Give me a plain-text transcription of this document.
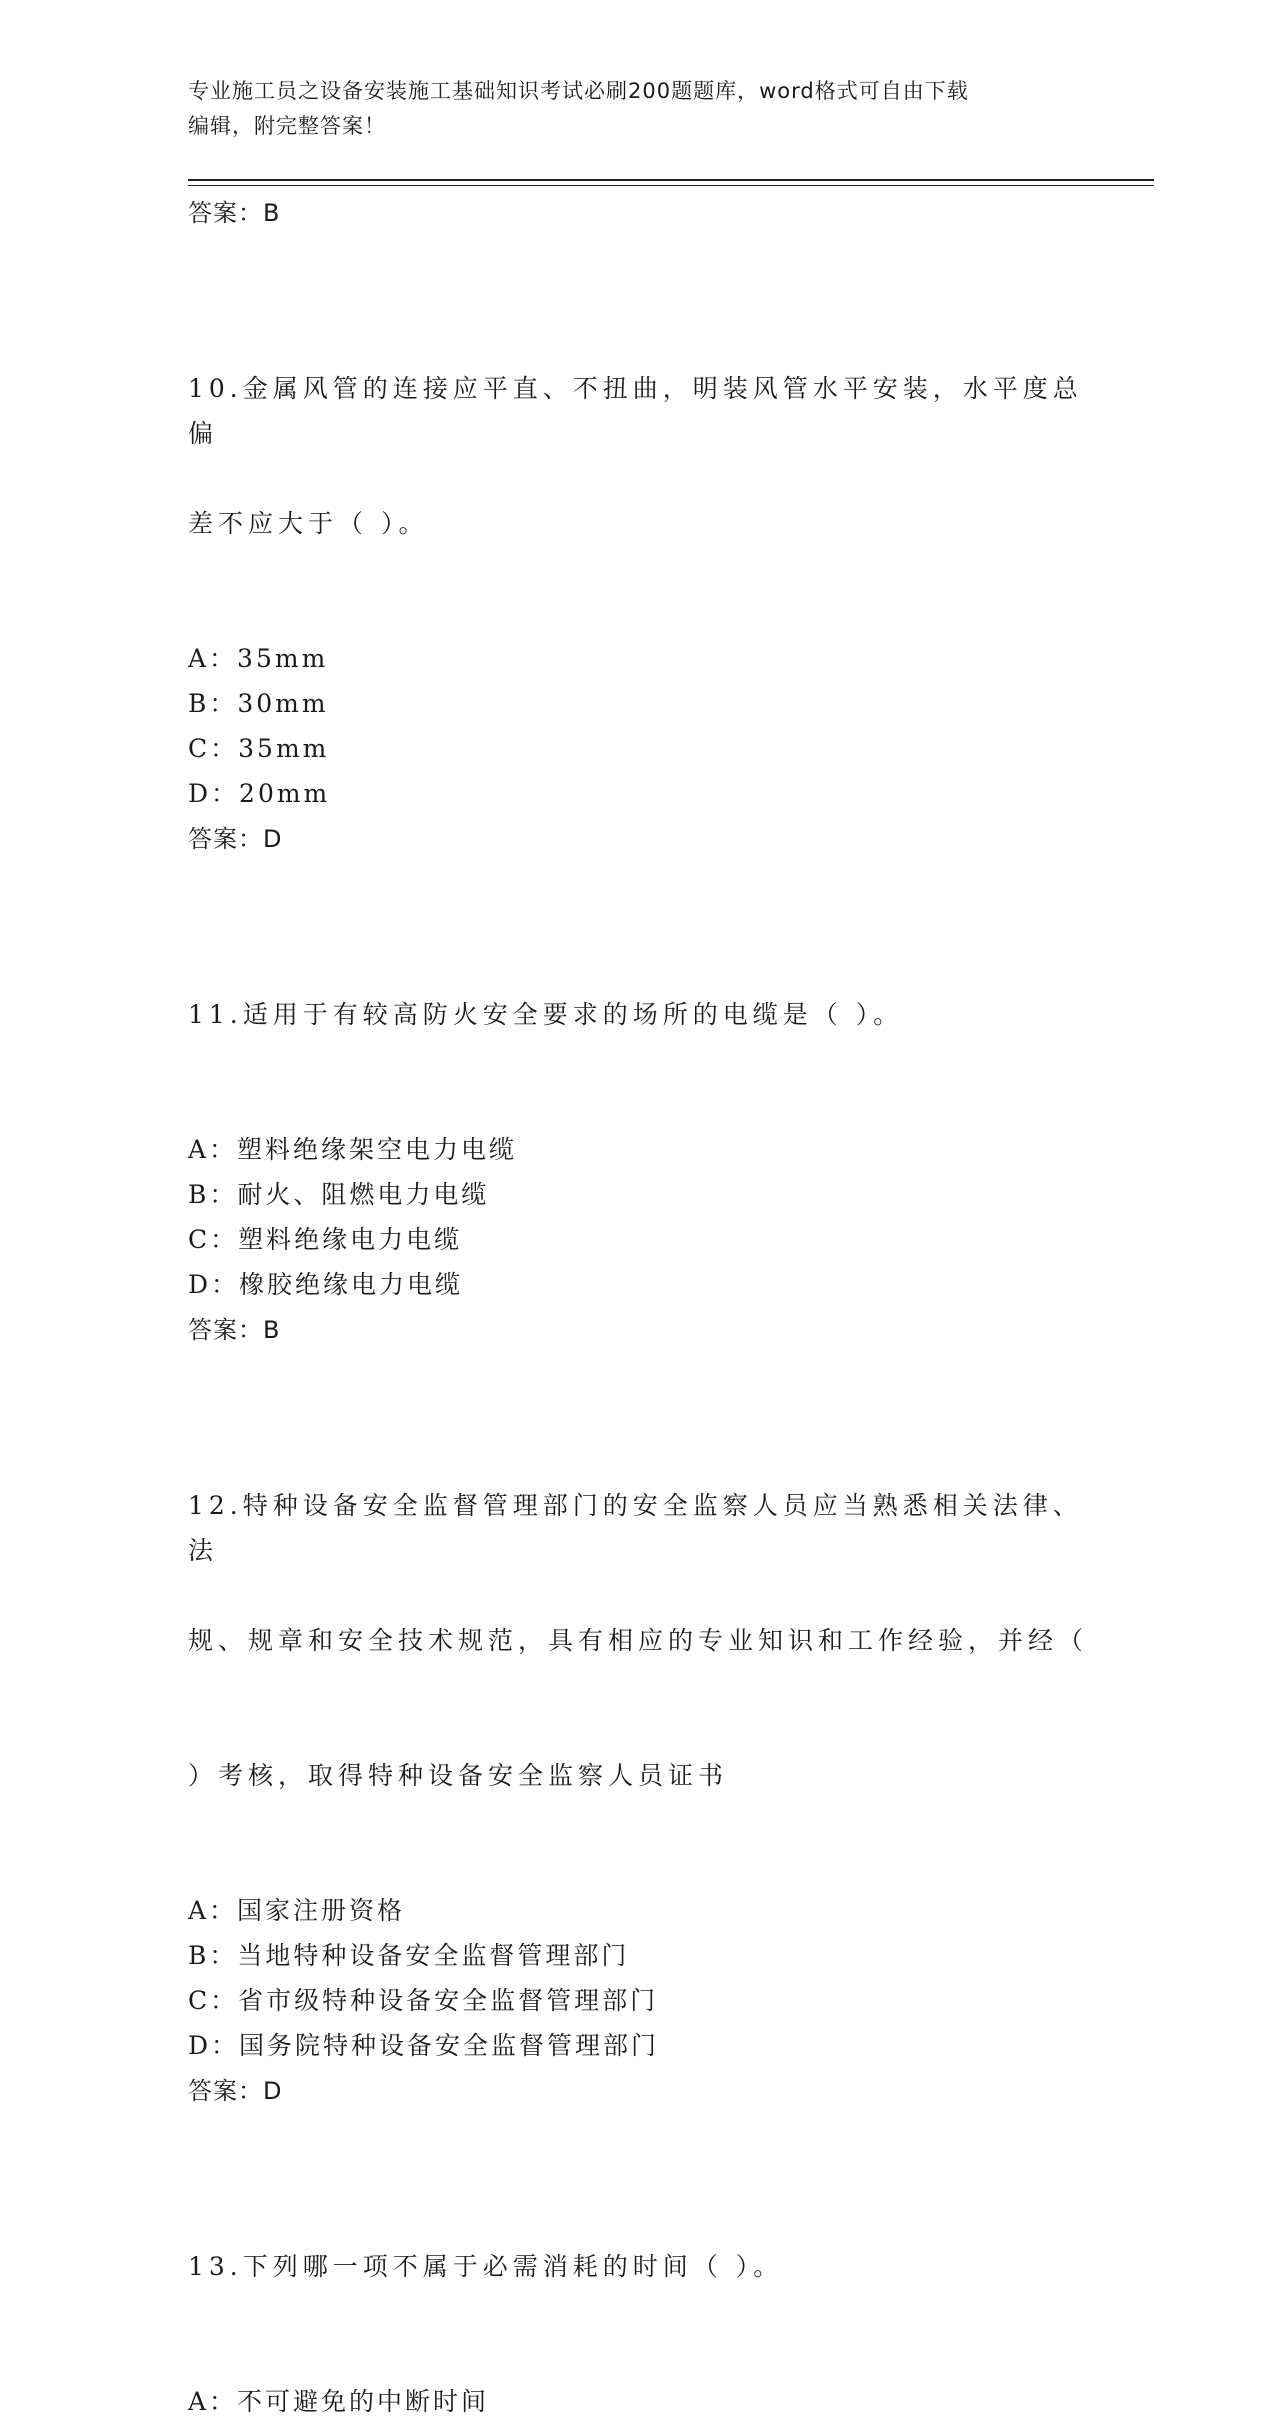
专业施工员之设备安装施工基础知识考试必刷200题题库，word格式可自由下载
编辑，附完整答案！
答案：B

10.金属风管的连接应平直、不扭曲，明装风管水平安装，水平度总偏

差不应大于（ ）。

A：35mm
B：30mm
C：35mm
D：20mm
答案：D

11.适用于有较高防火安全要求的场所的电缆是（ ）。

A：塑料绝缘架空电力电缆
B：耐火、阻燃电力电缆
C：塑料绝缘电力电缆
D：橡胶绝缘电力电缆
答案：B

12.特种设备安全监督管理部门的安全监察人员应当熟悉相关法律、法

规、规章和安全技术规范，具有相应的专业知识和工作经验，并经（

）考核，取得特种设备安全监察人员证书

A：国家注册资格
B：当地特种设备安全监督管理部门
C：省市级特种设备安全监督管理部门
D：国务院特种设备安全监督管理部门
答案：D

13.下列哪一项不属于必需消耗的时间（ ）。

A：不可避免的中断时间
